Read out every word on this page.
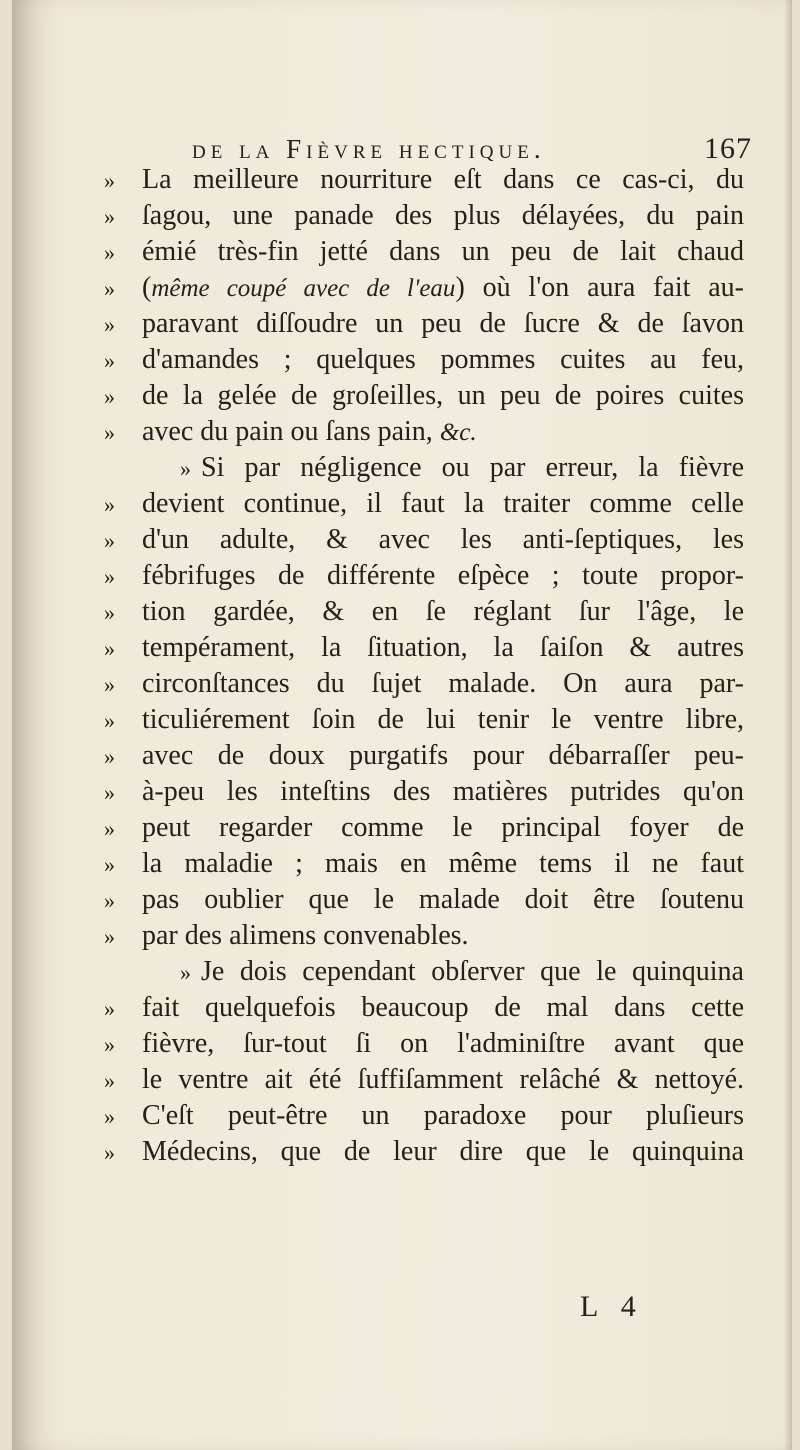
de la Fièvre hectique.	167
» La meilleure nourriture eſt dans ce cas-ci, du
» ſagou, une panade des plus délayées, du pain
» émié très-fin jetté dans un peu de lait chaud
» (même coupé avec de l'eau) où l'on aura fait au-
» paravant diſſoudre un peu de ſucre & de ſavon
» d'amandes ; quelques pommes cuites au feu,
» de la gelée de groſeilles, un peu de poires cuites
» avec du pain ou ſans pain, &c.
» Si par négligence ou par erreur, la fièvre
» devient continue, il faut la traiter comme celle
» d'un adulte, & avec les anti-ſeptiques, les
» fébrifuges de différente eſpèce ; toute propor-
» tion gardée, & en ſe réglant ſur l'âge, le
» tempérament, la ſituation, la ſaiſon & autres
» circonſtances du ſujet malade. On aura par-
» ticuliérement ſoin de lui tenir le ventre libre,
» avec de doux purgatifs pour débarraſſer peu-
» à-peu les inteſtins des matières putrides qu'on
» peut regarder comme le principal foyer de
» la maladie ; mais en même tems il ne faut
» pas oublier que le malade doit être ſoutenu
» par des alimens convenables.
» Je dois cependant obſerver que le quinquina
» fait quelquefois beaucoup de mal dans cette
» fièvre, ſur-tout ſi on l'adminiſtre avant que
» le ventre ait été ſuffiſamment relâché & nettoyé.
» C'eſt peut-être un paradoxe pour pluſieurs
» Médecins, que de leur dire que le quinquina
L 4
